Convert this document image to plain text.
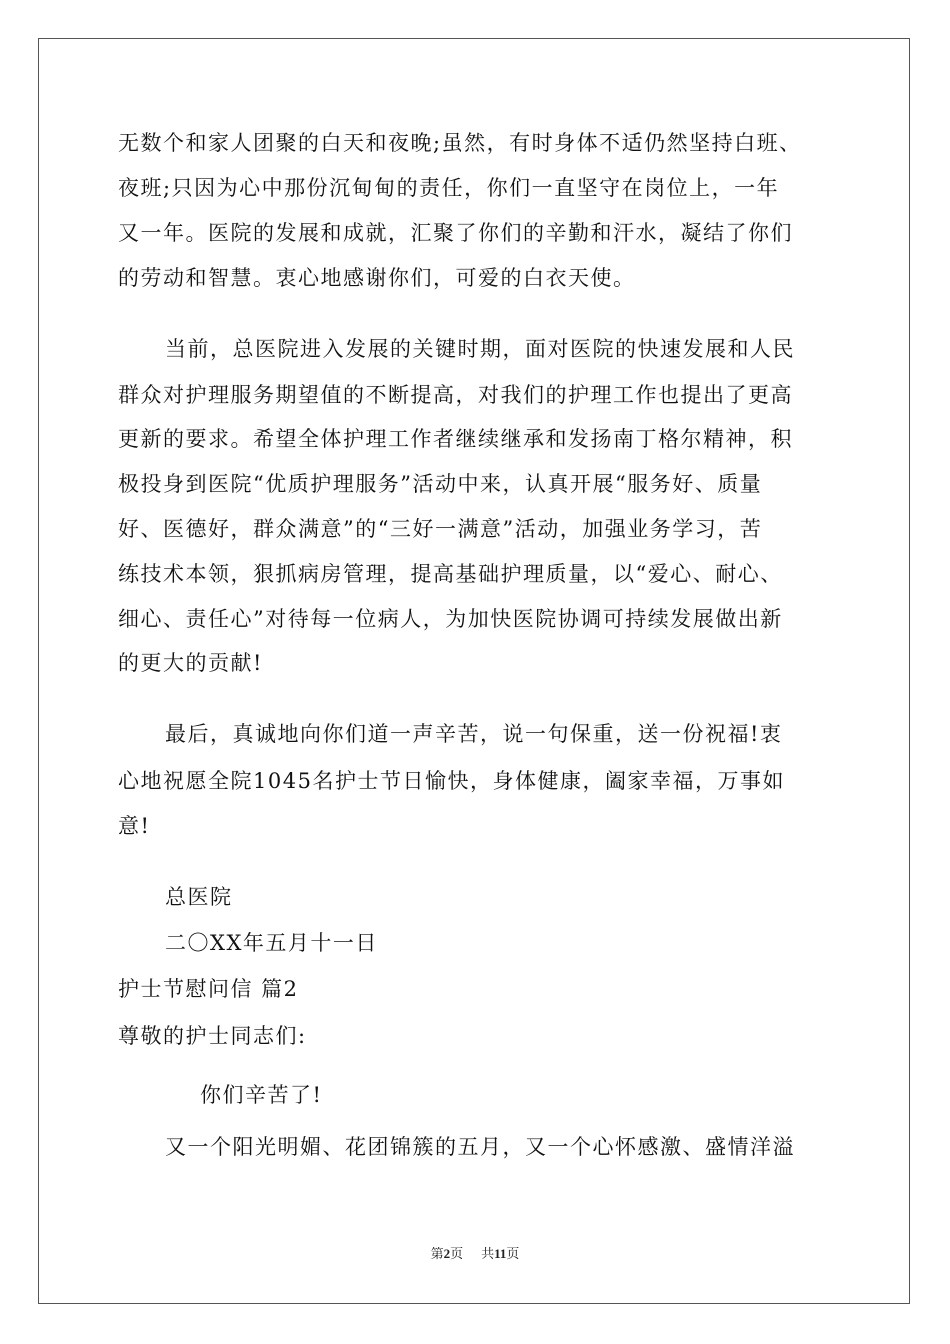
无数个和家人团聚的白天和夜晚;虽然，有时身体不适仍然坚持白班、
夜班;只因为心中那份沉甸甸的责任，你们一直坚守在岗位上，一年
又一年。医院的发展和成就，汇聚了你们的辛勤和汗水，凝结了你们
的劳动和智慧。衷心地感谢你们，可爱的白衣天使。
当前，总医院进入发展的关键时期，面对医院的快速发展和人民
群众对护理服务期望值的不断提高，对我们的护理工作也提出了更高
更新的要求。希望全体护理工作者继续继承和发扬南丁格尔精神，积
极投身到医院“优质护理服务”活动中来，认真开展“服务好、质量
好、医德好，群众满意”的“三好一满意”活动，加强业务学习，苦
练技术本领，狠抓病房管理，提高基础护理质量，以“爱心、耐心、
细心、责任心”对待每一位病人，为加快医院协调可持续发展做出新
的更大的贡献!
最后，真诚地向你们道一声辛苦，说一句保重，送一份祝福!衷
心地祝愿全院1045名护士节日愉快，身体健康，阖家幸福，万事如
意!
总医院
二〇XX年五月十一日
护士节慰问信 篇2
尊敬的护士同志们:
你们辛苦了!
又一个阳光明媚、花团锦簇的五月，又一个心怀感激、盛情洋溢
第2页 共11页
